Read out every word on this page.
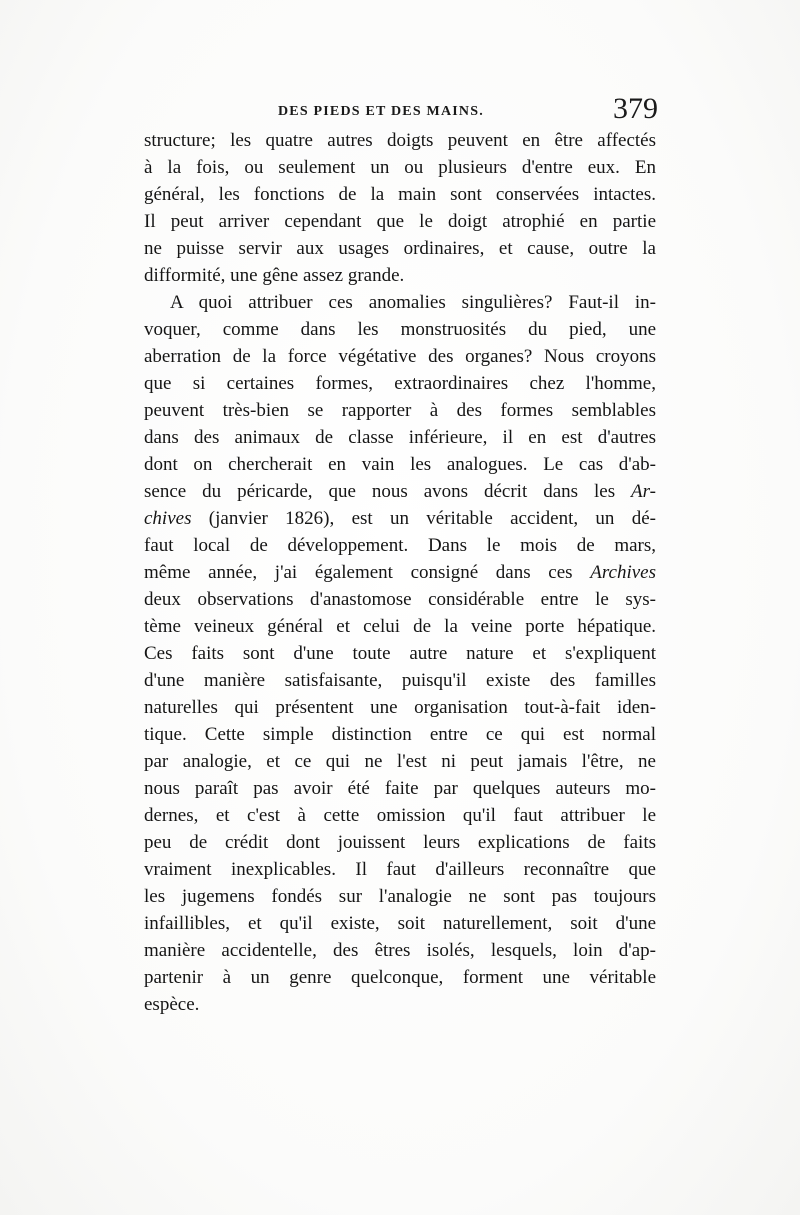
DES PIEDS ET DES MAINS.	379

structure; les quatre autres doigts peuvent en être affectés
à la fois, ou seulement un ou plusieurs d'entre eux. En
général, les fonctions de la main sont conservées intactes.
Il peut arriver cependant que le doigt atrophié en partie
ne puisse servir aux usages ordinaires, et cause, outre la
difformité, une gêne assez grande.

A quoi attribuer ces anomalies singulières? Faut-il in-
voquer, comme dans les monstruosités du pied, une
aberration de la force végétative des organes? Nous croyons
que si certaines formes, extraordinaires chez l'homme,
peuvent très-bien se rapporter à des formes semblables
dans des animaux de classe inférieure, il en est d'autres
dont on chercherait en vain les analogues. Le cas d'ab-
sence du péricarde, que nous avons décrit dans les Ar-
chives (janvier 1826), est un véritable accident, un dé-
faut local de développement. Dans le mois de mars,
même année, j'ai également consigné dans ces Archives
deux observations d'anastomose considérable entre le sys-
tème veineux général et celui de la veine porte hépatique.
Ces faits sont d'une toute autre nature et s'expliquent
d'une manière satisfaisante, puisqu'il existe des familles
naturelles qui présentent une organisation tout-à-fait iden-
tique. Cette simple distinction entre ce qui est normal
par analogie, et ce qui ne l'est ni peut jamais l'être, ne
nous paraît pas avoir été faite par quelques auteurs mo-
dernes, et c'est à cette omission qu'il faut attribuer le
peu de crédit dont jouissent leurs explications de faits
vraiment inexplicables. Il faut d'ailleurs reconnaître que
les jugemens fondés sur l'analogie ne sont pas toujours
infaillibles, et qu'il existe, soit naturellement, soit d'une
manière accidentelle, des êtres isolés, lesquels, loin d'ap-
partenir à un genre quelconque, forment une véritable
espèce.
